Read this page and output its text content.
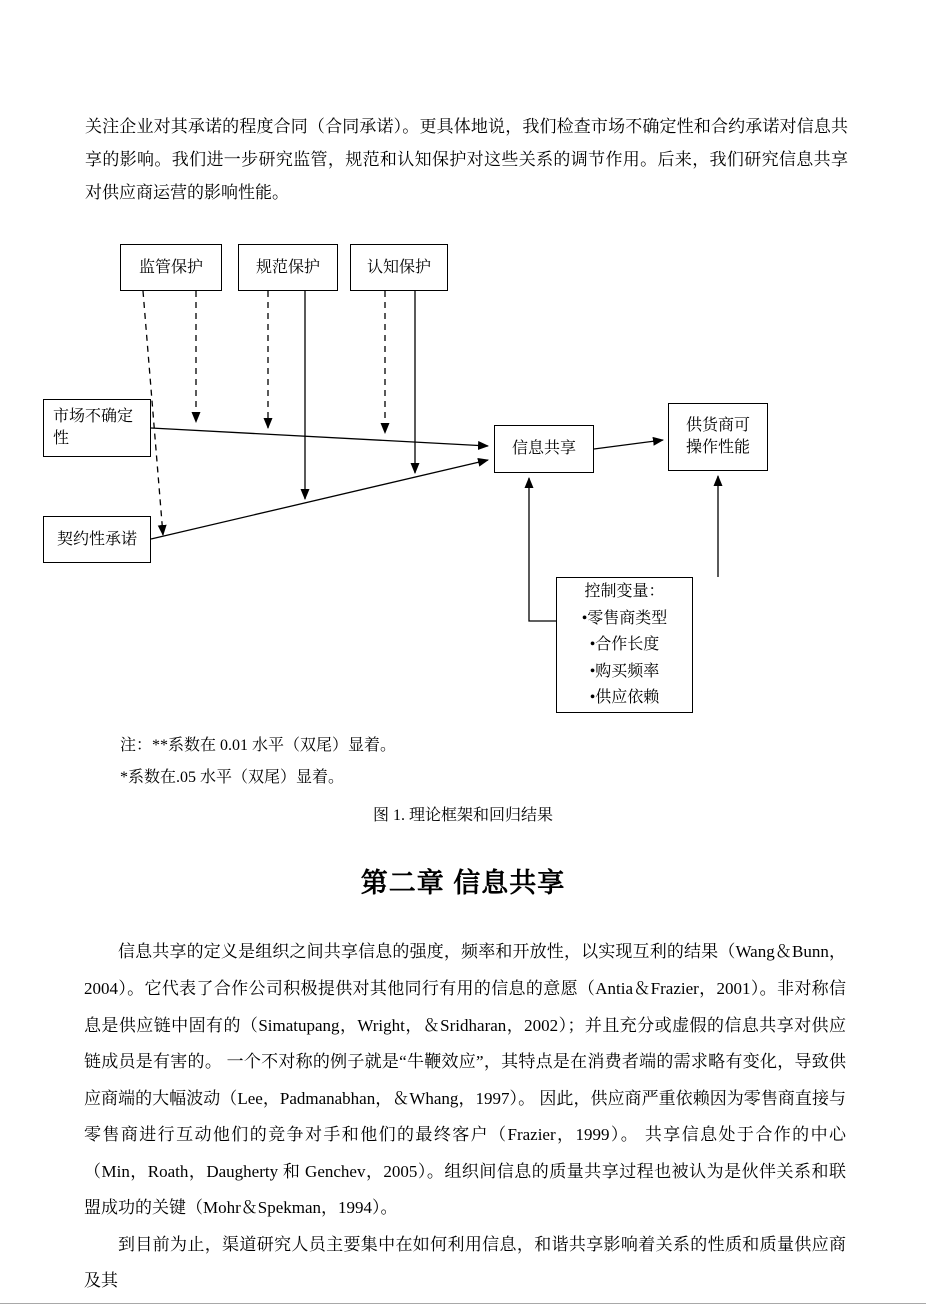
关注企业对其承诺的程度合同（合同承诺）。更具体地说，我们检查市场不确定性和合约承诺对信息共享的影响。我们进一步研究监管，规范和认知保护对这些关系的调节作用。后来，我们研究信息共享对供应商运营的影响性能。

监管保护	规范保护	认知保护
市场不确定
性
契约性承诺
信息共享
供货商可
操作性能
控制变量：
•零售商类型
•合作长度
•购买频率
•供应依赖

注：**系数在 0.01 水平（双尾）显着。

*系数在.05 水平（双尾）显着。

图 1. 理论框架和回归结果

第二章 信息共享

信息共享的定义是组织之间共享信息的强度，频率和开放性，以实现互利的结果（Wang＆Bunn，2004）。它代表了合作公司积极提供对其他同行有用的信息的意愿（Antia＆Frazier，2001）。非对称信息是供应链中固有的（Simatupang，Wright，＆Sridharan，2002）；并且充分或虚假的信息共享对供应链成员是有害的。 一个不对称的例子就是“牛鞭效应”，其特点是在消费者端的需求略有变化，导致供应商端的大幅波动（Lee，Padmanabhan，＆Whang，1997）。 因此，供应商严重依赖因为零售商直接与零售商进行互动他们的竞争对手和他们的最终客户（Frazier，1999）。 共享信息处于合作的中心（Min，Roath，Daugherty 和 Genchev，2005）。组织间信息的质量共享过程也被认为是伙伴关系和联盟成功的关键（Mohr＆Spekman，1994）。

到目前为止，渠道研究人员主要集中在如何利用信息，和谐共享影响着关系的性质和质量供应商及其
